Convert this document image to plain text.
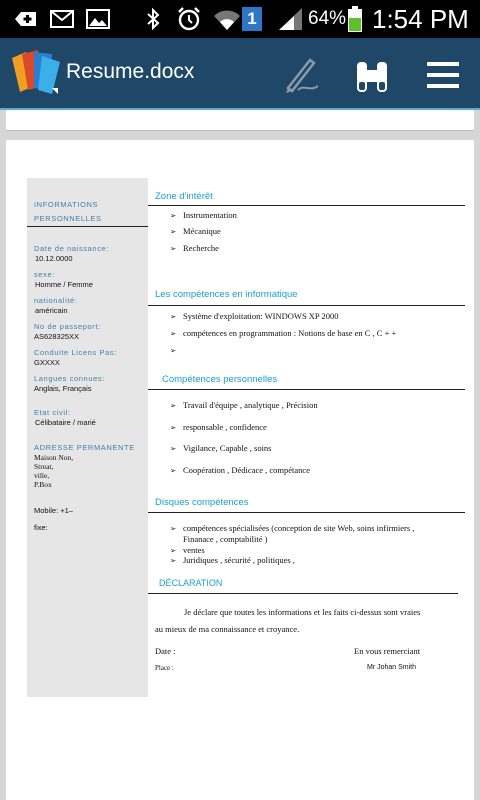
1	64% 1:54 PM
Resume.docx
INFORMATIONS
PERSONNELLES
Date de naissance:
10.12.0000
sexe:
Homme / Femme
nationalité:
américain
No de passeport:
AS628325XX
Conduite Licens Pas:
GXXXX
Langues connues:
Anglais, Français
Etat civil:
Célibataire / marié
ADRESSE PERMANENTE
Maison Non,
Streat,
ville,
P.Box
Mobile: +1–
fixe:
Zone d'intérêt
➢ Instrumentation
➢ Mécanique
➢ Recherche
Les compétences en informatique
➢ Système d'exploitation: WINDOWS XP 2000
➢ compétences en programmation : Notions de base en C , C + +
➢
Compétences personnelles
➢ Travail d'équipe , analytique , Précision
➢ responsable , confidence
➢ Vigilance, Capable , soins
➢ Coopération , Dédicace , compétance
Disques compétences
➢ compétences spécialisées (conception de site Web, soins infirmiers ,
Finanace , comptabilité )
➢ ventes
➢ Juridiques , sécurité , politiques ,
DÉCLARATION
Je déclare que toutes les informations et les faits ci-dessus sont vraies
au mieux de ma connaissance et croyance.
Date :	En vous remerciant
Place :	Mr Johan Smith
